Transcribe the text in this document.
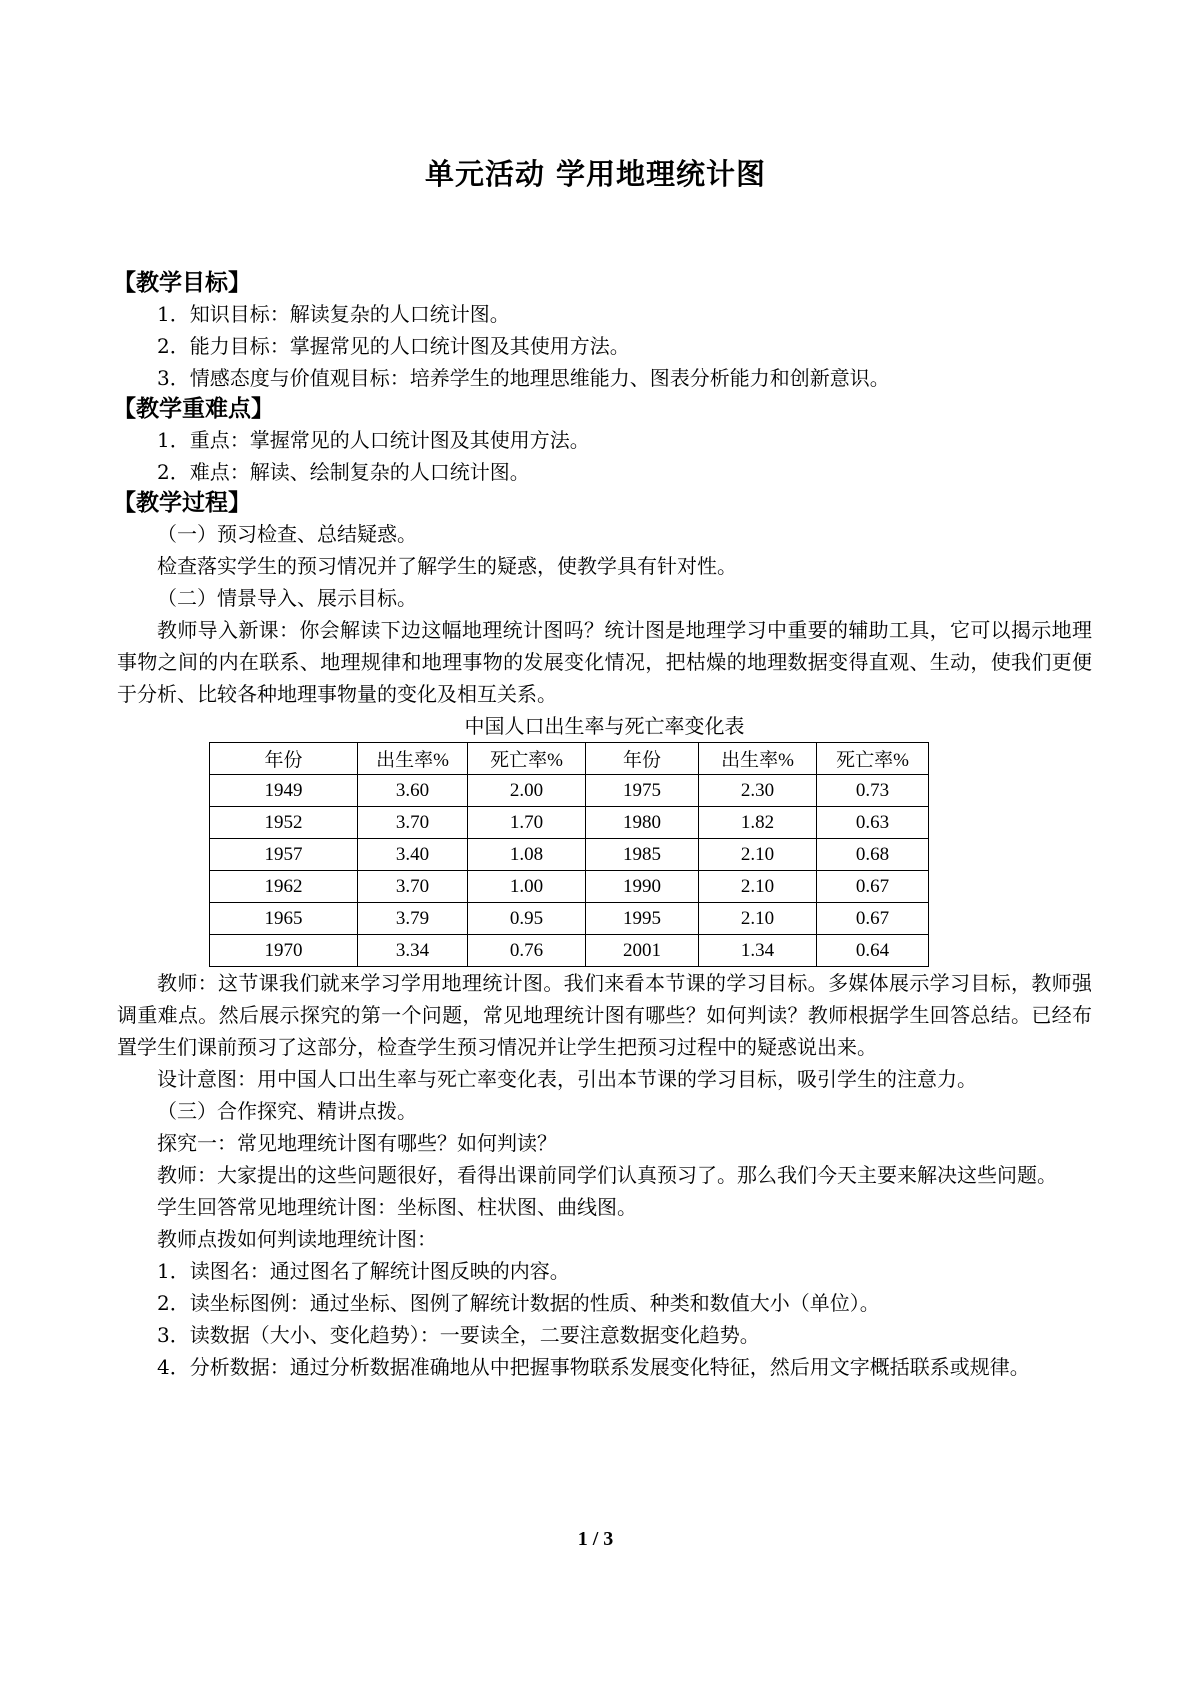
单元活动 学用地理统计图
【教学目标】
1．知识目标：解读复杂的人口统计图。
2．能力目标：掌握常见的人口统计图及其使用方法。
3．情感态度与价值观目标：培养学生的地理思维能力、图表分析能力和创新意识。
【教学重难点】
1．重点：掌握常见的人口统计图及其使用方法。
2．难点：解读、绘制复杂的人口统计图。
【教学过程】
（一）预习检查、总结疑惑。
检查落实学生的预习情况并了解学生的疑惑，使教学具有针对性。
（二）情景导入、展示目标。
教师导入新课：你会解读下边这幅地理统计图吗？统计图是地理学习中重要的辅助工具，它可以揭示地理事物之间的内在联系、地理规律和地理事物的发展变化情况，把枯燥的地理数据变得直观、生动，使我们更便于分析、比较各种地理事物量的变化及相互关系。
中国人口出生率与死亡率变化表
年份	出生率%	死亡率%	年份	出生率%	死亡率%
1949	3.60	2.00	1975	2.30	0.73
1952	3.70	1.70	1980	1.82	0.63
1957	3.40	1.08	1985	2.10	0.68
1962	3.70	1.00	1990	2.10	0.67
1965	3.79	0.95	1995	2.10	0.67
1970	3.34	0.76	2001	1.34	0.64
教师：这节课我们就来学习学用地理统计图。我们来看本节课的学习目标。多媒体展示学习目标，教师强调重难点。然后展示探究的第一个问题，常见地理统计图有哪些？如何判读？教师根据学生回答总结。已经布置学生们课前预习了这部分，检查学生预习情况并让学生把预习过程中的疑惑说出来。
设计意图：用中国人口出生率与死亡率变化表，引出本节课的学习目标，吸引学生的注意力。
（三）合作探究、精讲点拨。
探究一：常见地理统计图有哪些？如何判读？
教师：大家提出的这些问题很好，看得出课前同学们认真预习了。那么我们今天主要来解决这些问题。
学生回答常见地理统计图：坐标图、柱状图、曲线图。
教师点拨如何判读地理统计图：
1．读图名：通过图名了解统计图反映的内容。
2．读坐标图例：通过坐标、图例了解统计数据的性质、种类和数值大小（单位）。
3．读数据（大小、变化趋势）：一要读全，二要注意数据变化趋势。
4．分析数据：通过分析数据准确地从中把握事物联系发展变化特征，然后用文字概括联系或规律。
1 / 3
